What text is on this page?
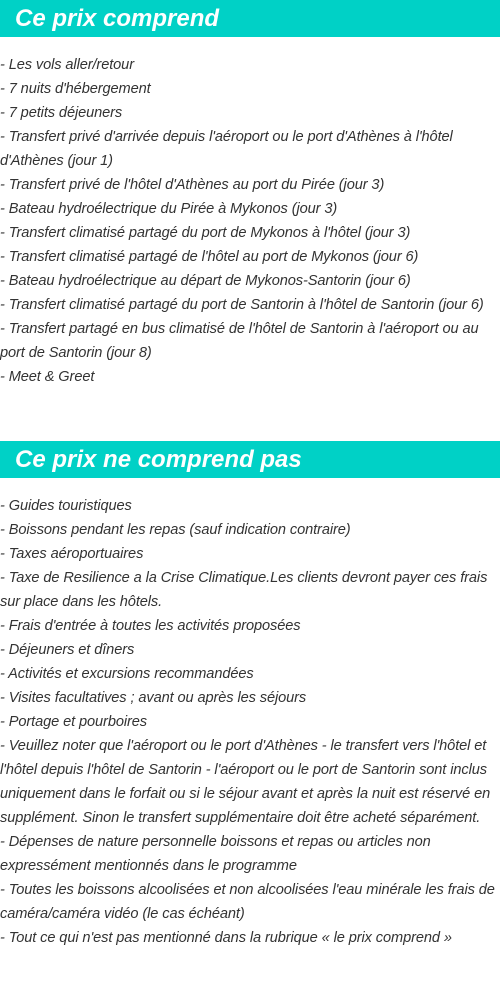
Ce prix comprend
- Les vols aller/retour
- 7 nuits d'hébergement
- 7 petits déjeuners
- Transfert privé d'arrivée depuis l'aéroport ou le port d'Athènes à l'hôtel d'Athènes (jour 1)
- Transfert privé de l'hôtel d'Athènes au port du Pirée (jour 3)
- Bateau hydroélectrique du Pirée à Mykonos (jour 3)
- Transfert climatisé partagé du port de Mykonos à l'hôtel (jour 3)
- Transfert climatisé partagé de l'hôtel au port de Mykonos (jour 6)
- Bateau hydroélectrique au départ de Mykonos-Santorin (jour 6)
- Transfert climatisé partagé du port de Santorin à l'hôtel de Santorin (jour 6)
- Transfert partagé en bus climatisé de l'hôtel de Santorin à l'aéroport ou au port de Santorin (jour 8)
- Meet & Greet
Ce prix ne comprend pas
- Guides touristiques
- Boissons pendant les repas (sauf indication contraire)
- Taxes aéroportuaires
- Taxe de Resilience a la Crise Climatique.Les clients devront payer ces frais sur place dans les hôtels.
- Frais d'entrée à toutes les activités proposées
- Déjeuners et dîners
- Activités et excursions recommandées
- Visites facultatives ; avant ou après les séjours
- Portage et pourboires
- Veuillez noter que l'aéroport ou le port d'Athènes - le transfert vers l'hôtel et l'hôtel depuis l'hôtel de Santorin - l'aéroport ou le port de Santorin sont inclus uniquement dans le forfait ou si le séjour avant et après la nuit est réservé en supplément. Sinon le transfert supplémentaire doit être acheté séparément.
- Dépenses de nature personnelle boissons et repas ou articles non expressément mentionnés dans le programme
- Toutes les boissons alcoolisées et non alcoolisées l'eau minérale les frais de caméra/caméra vidéo (le cas échéant)
- Tout ce qui n'est pas mentionné dans la rubrique « le prix comprend »
